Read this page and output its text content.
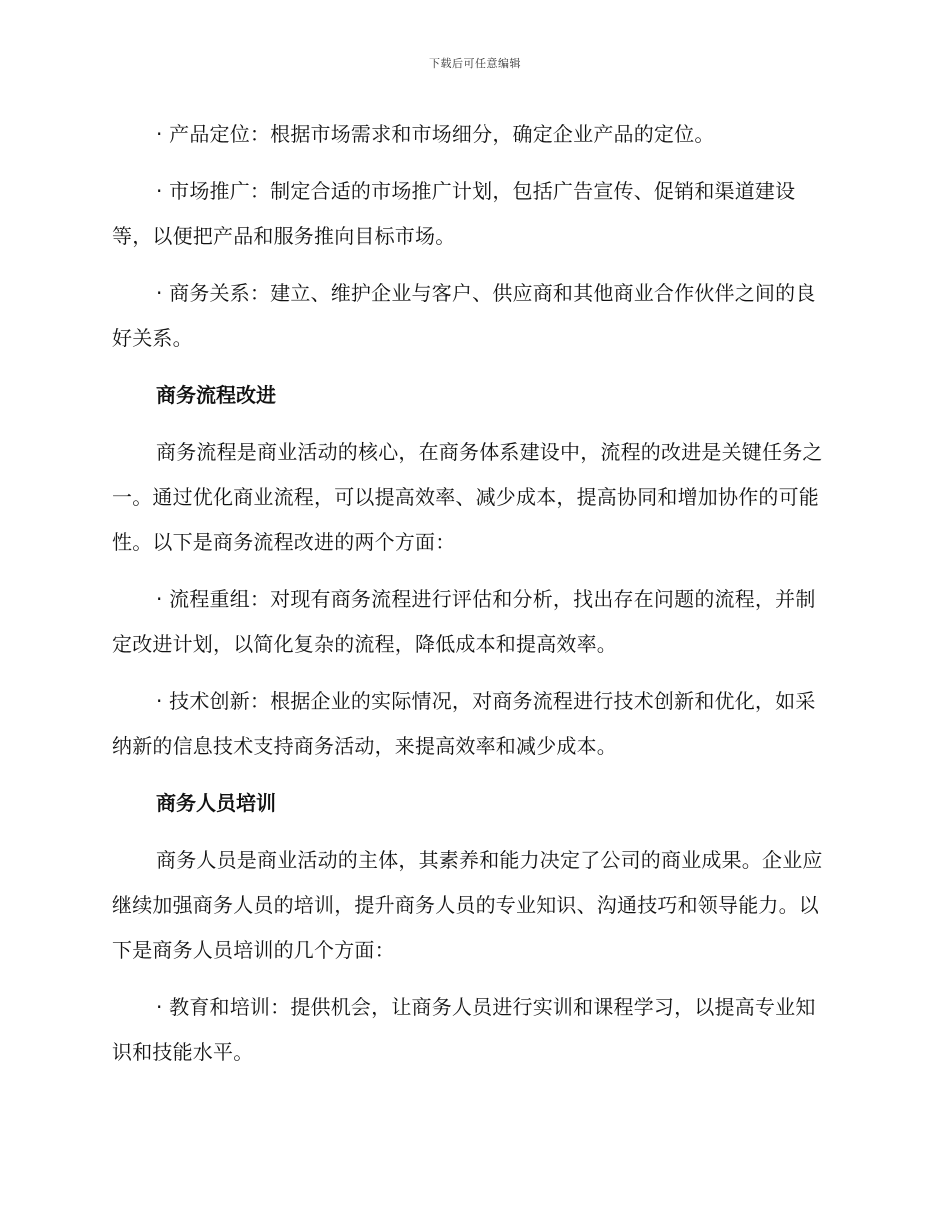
下载后可任意编辑

· 产品定位：根据市场需求和市场细分，确定企业产品的定位。

· 市场推广：制定合适的市场推广计划，包括广告宣传、促销和渠道建设等，以便把产品和服务推向目标市场。

· 商务关系：建立、维护企业与客户、供应商和其他商业合作伙伴之间的良好关系。

商务流程改进

商务流程是商业活动的核心，在商务体系建设中，流程的改进是关键任务之一。通过优化商业流程，可以提高效率、减少成本，提高协同和增加协作的可能性。以下是商务流程改进的两个方面：

· 流程重组：对现有商务流程进行评估和分析，找出存在问题的流程，并制定改进计划，以简化复杂的流程，降低成本和提高效率。

· 技术创新：根据企业的实际情况，对商务流程进行技术创新和优化，如采纳新的信息技术支持商务活动，来提高效率和减少成本。

商务人员培训

商务人员是商业活动的主体，其素养和能力决定了公司的商业成果。企业应继续加强商务人员的培训，提升商务人员的专业知识、沟通技巧和领导能力。以下是商务人员培训的几个方面：

· 教育和培训：提供机会，让商务人员进行实训和课程学习，以提高专业知识和技能水平。
